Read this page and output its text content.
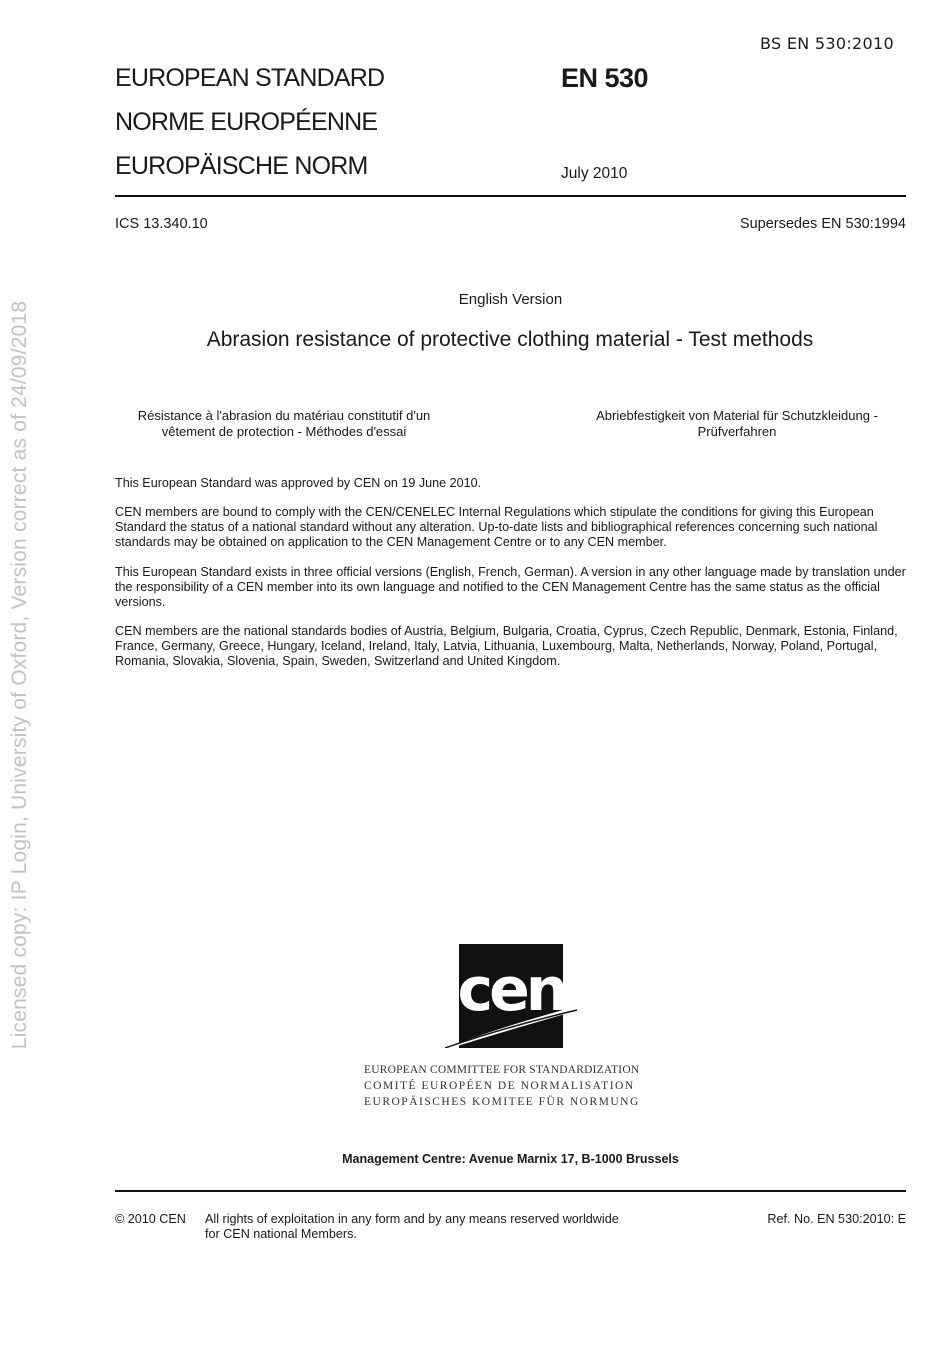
BS EN 530:2010
EUROPEAN STANDARD
NORME EUROPÉENNE
EUROPÄISCHE NORM
EN 530
July 2010
ICS 13.340.10	Supersedes EN 530:1994
English Version
Abrasion resistance of protective clothing material - Test methods
Résistance à l'abrasion du matériau constitutif d'un vêtement de protection - Méthodes d'essai
Abriebfestigkeit von Material für Schutzkleidung - Prüfverfahren
This European Standard was approved by CEN on 19 June 2010.
CEN members are bound to comply with the CEN/CENELEC Internal Regulations which stipulate the conditions for giving this European Standard the status of a national standard without any alteration. Up-to-date lists and bibliographical references concerning such national standards may be obtained on application to the CEN Management Centre or to any CEN member.
This European Standard exists in three official versions (English, French, German). A version in any other language made by translation under the responsibility of a CEN member into its own language and notified to the CEN Management Centre has the same status as the official versions.
CEN members are the national standards bodies of Austria, Belgium, Bulgaria, Croatia, Cyprus, Czech Republic, Denmark, Estonia, Finland, France, Germany, Greece, Hungary, Iceland, Ireland, Italy, Latvia, Lithuania, Luxembourg, Malta, Netherlands, Norway, Poland, Portugal, Romania, Slovakia, Slovenia, Spain, Sweden, Switzerland and United Kingdom.
Licensed copy: IP Login, University of Oxford, Version correct as of 24/09/2018	cen
EUROPEAN COMMITTEE FOR STANDARDIZATION
COMITÉ EUROPÉEN DE NORMALISATION
EUROPÄISCHES KOMITEE FÜR NORMUNG
Management Centre: Avenue Marnix 17, B-1000 Brussels
© 2010 CEN All rights of exploitation in any form and by any means reserved worldwide for CEN national Members.
Ref. No. EN 530:2010: E
